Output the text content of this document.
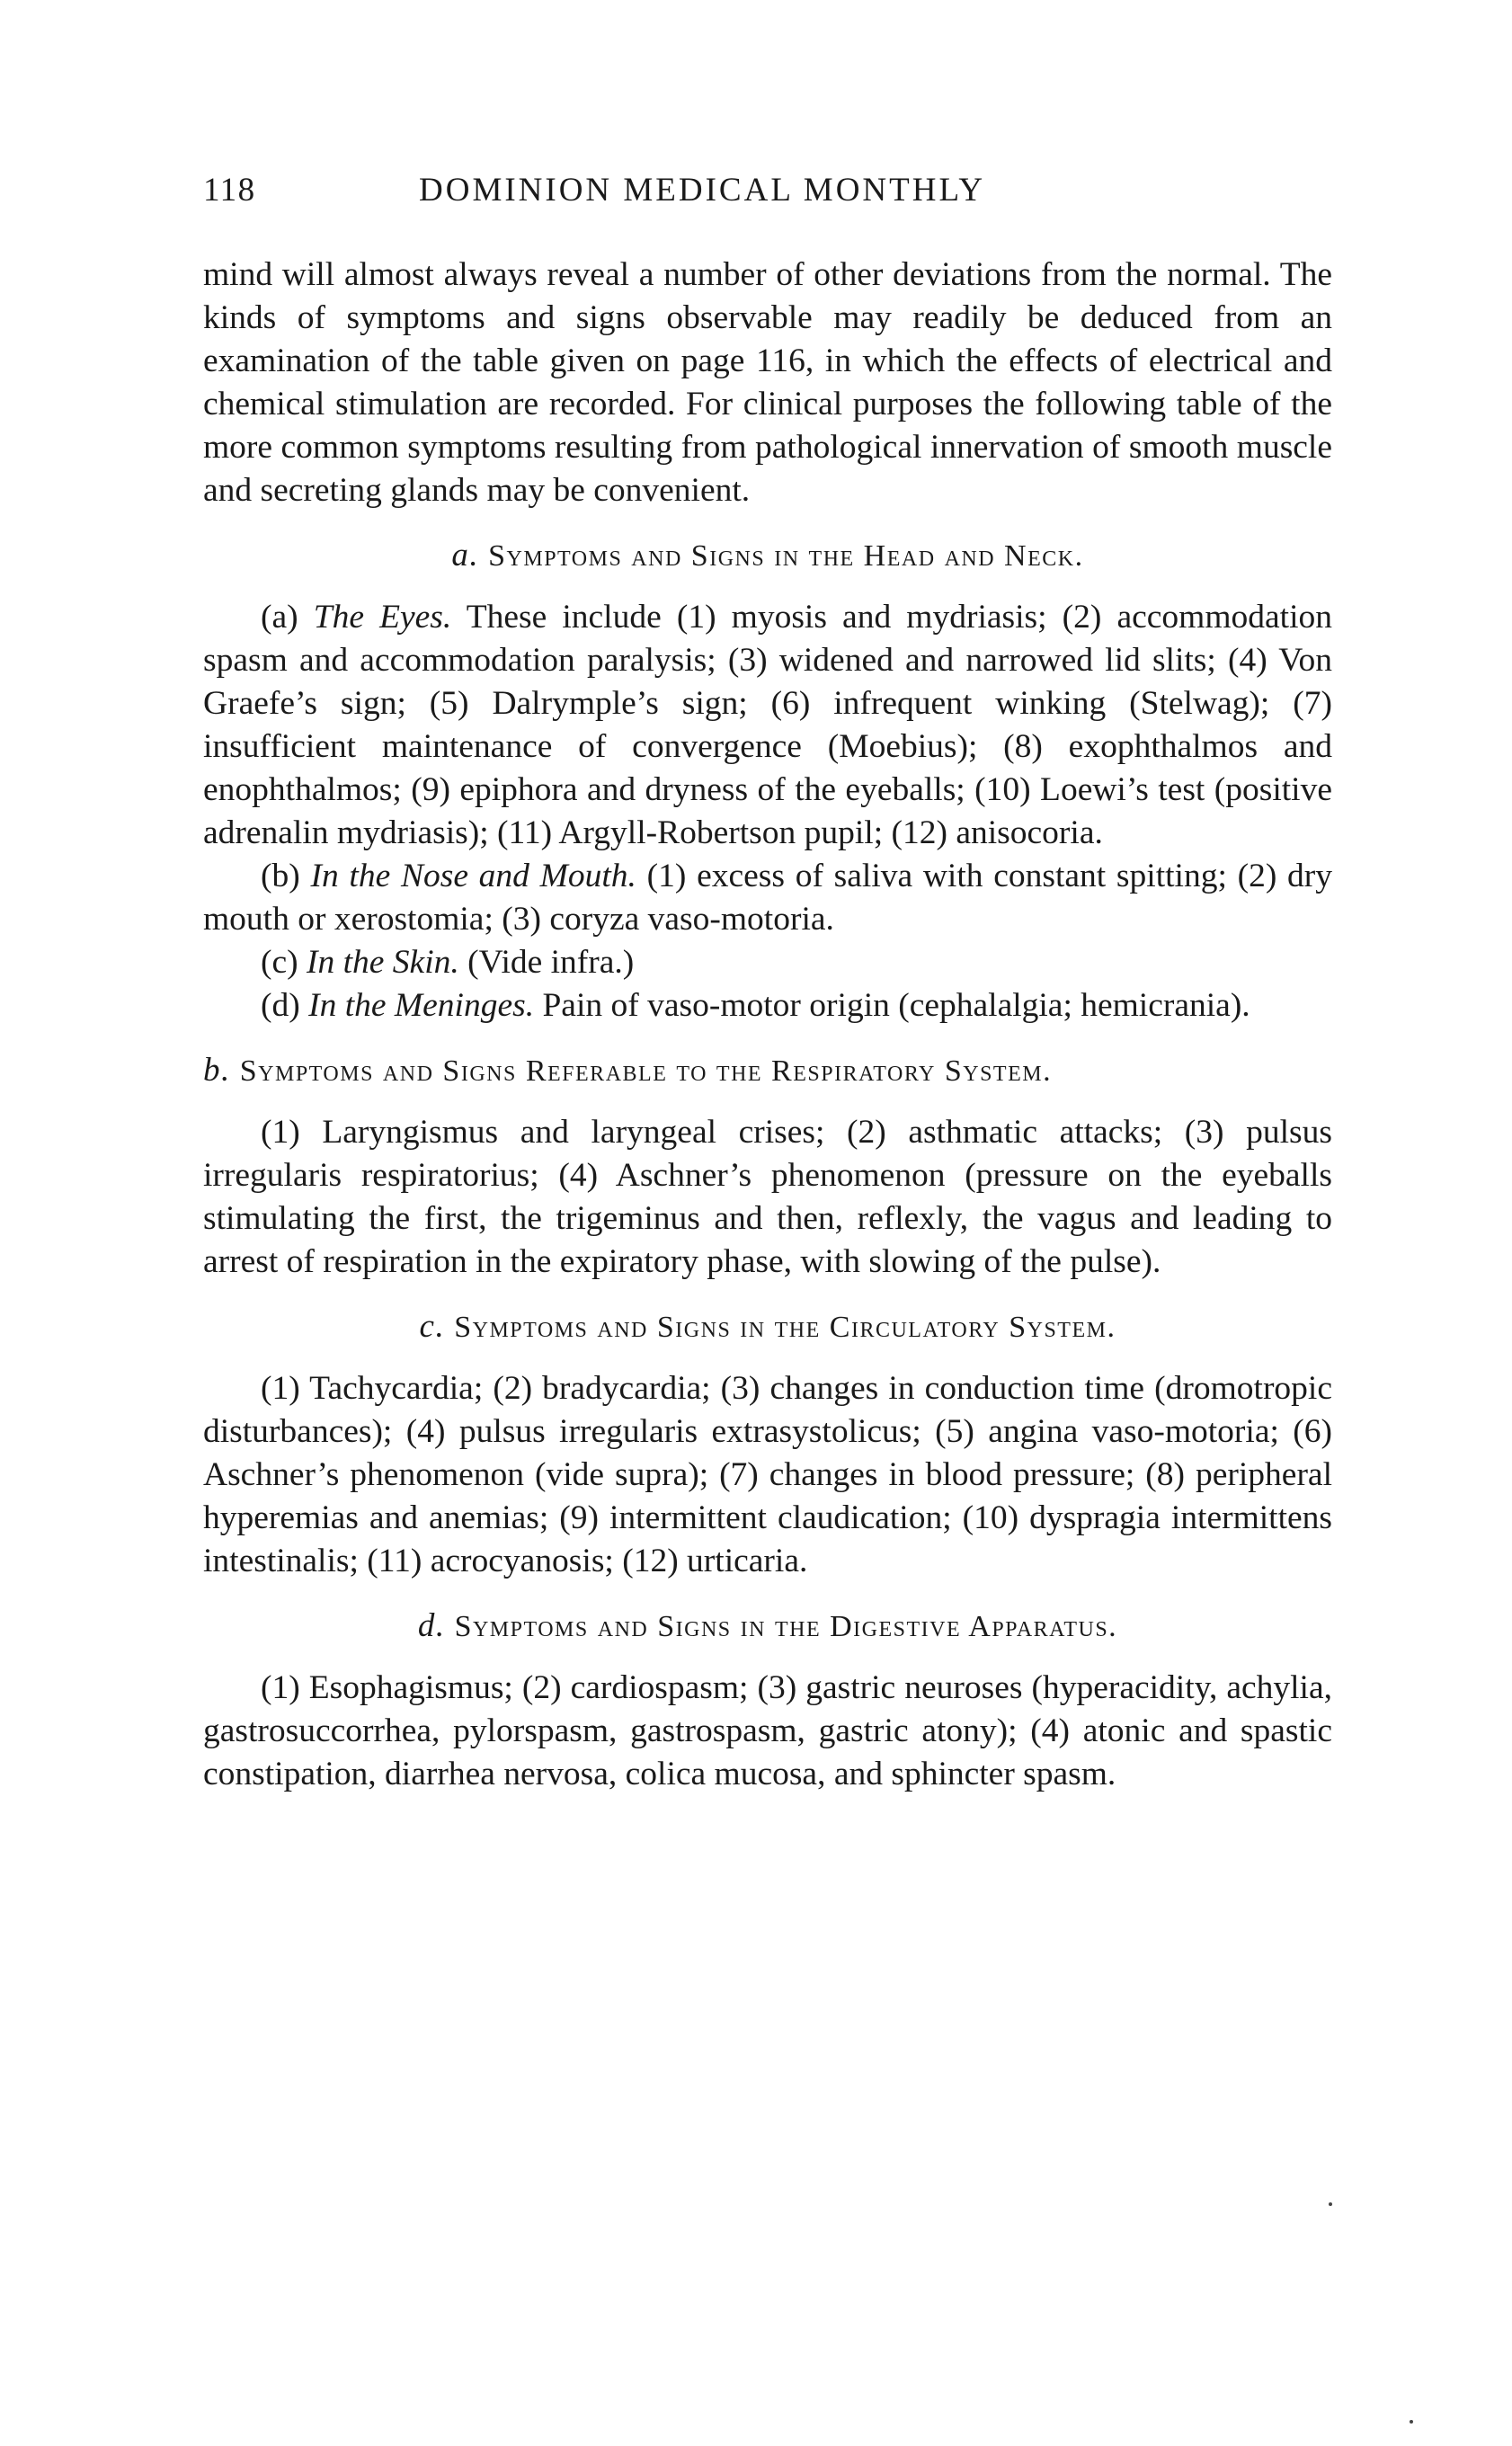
118	DOMINION MEDICAL MONTHLY

mind will almost always reveal a number of other deviations from the normal. The kinds of symptoms and signs observable may readily be deduced from an examination of the table given on page 116, in which the effects of electrical and chemical stimulation are recorded. For clinical purposes the following table of the more common symptoms resulting from pathological innervation of smooth muscle and secreting glands may be convenient.

a. Symptoms and Signs in the Head and Neck.

(a) The Eyes. These include (1) myosis and mydriasis; (2) accommodation spasm and accommodation paralysis; (3) widened and narrowed lid slits; (4) Von Graefe’s sign; (5) Dalrymple’s sign; (6) infrequent winking (Stelwag); (7) insufficient maintenance of convergence (Moebius); (8) exophthalmos and enophthalmos; (9) epiphora and dryness of the eyeballs; (10) Loewi’s test (positive adrenalin mydriasis); (11) Argyll-Robertson pupil; (12) anisocoria.

(b) In the Nose and Mouth. (1) excess of saliva with constant spitting; (2) dry mouth or xerostomia; (3) coryza vaso-motoria.

(c) In the Skin. (Vide infra.)

(d) In the Meninges. Pain of vaso-motor origin (cephalalgia; hemicrania).

b. Symptoms and Signs Referable to the Respiratory System.

(1) Laryngismus and laryngeal crises; (2) asthmatic attacks; (3) pulsus irregularis respiratorius; (4) Aschner’s phenomenon (pressure on the eyeballs stimulating the first, the trigeminus and then, reflexly, the vagus and leading to arrest of respiration in the expiratory phase, with slowing of the pulse).

c. Symptoms and Signs in the Circulatory System.

(1) Tachycardia; (2) bradycardia; (3) changes in conduction time (dromotropic disturbances); (4) pulsus irregularis extrasystolicus; (5) angina vaso-motoria; (6) Aschner’s phenomenon (vide supra); (7) changes in blood pressure; (8) peripheral hyperemias and anemias; (9) intermittent claudication; (10) dyspragia intermittens intestinalis; (11) acrocyanosis; (12) urticaria.

d. Symptoms and Signs in the Digestive Apparatus.

(1) Esophagismus; (2) cardiospasm; (3) gastric neuroses (hyperacidity, achylia, gastrosuccorrhea, pylorspasm, gastrospasm, gastric atony); (4) atonic and spastic constipation, diarrhea nervosa, colica mucosa, and sphincter spasm.
